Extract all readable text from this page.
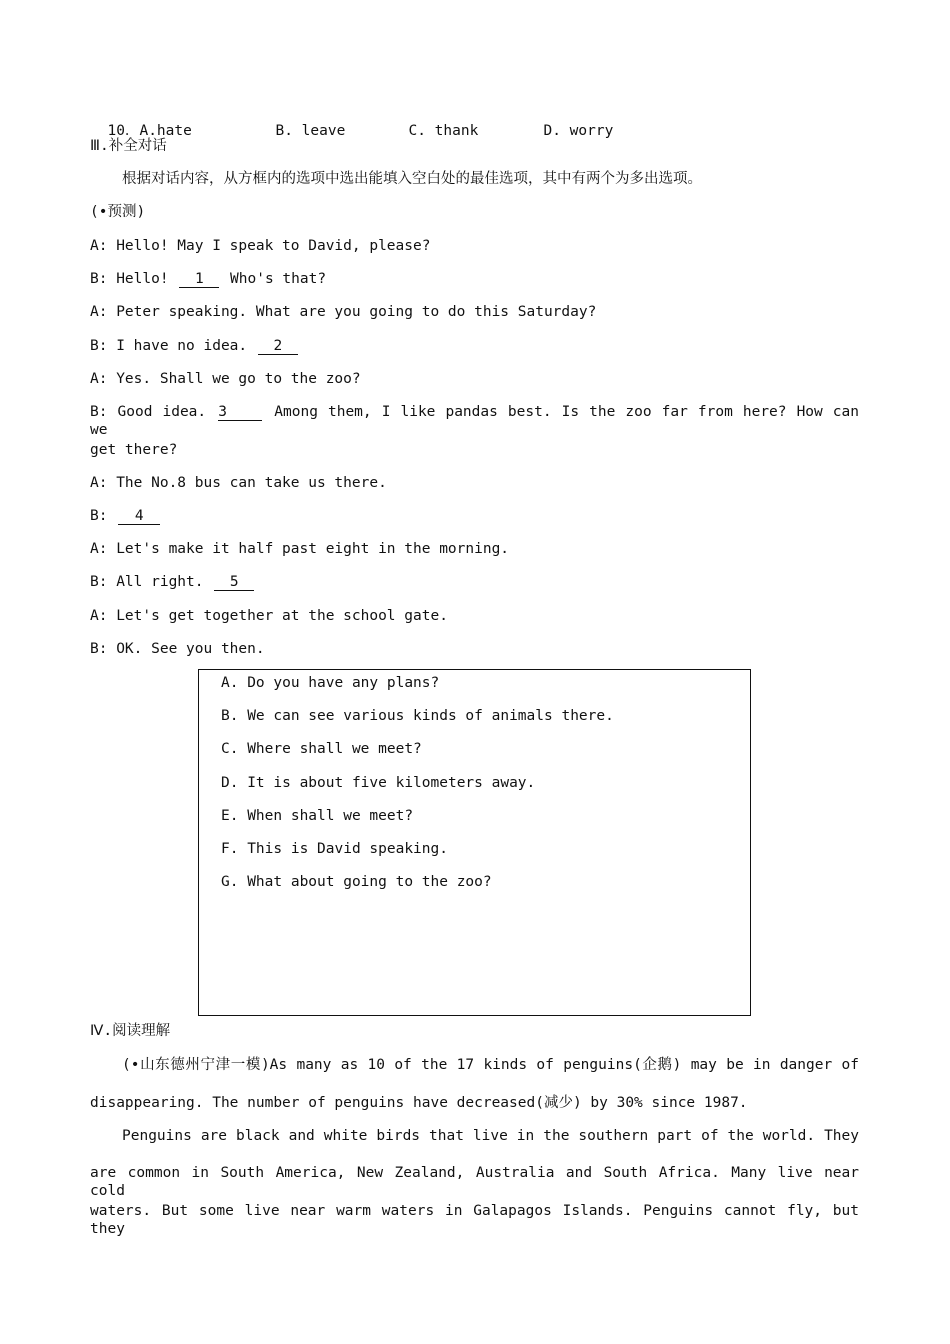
10．A.hate	B. leave	C. thank	D. worry

Ⅲ.补全对话
根据对话内容，从方框内的选项中选出能填入空白处的最佳选项，其中有两个为多出选项。
(•预测)
A: Hello! May I speak to David, please?
B: Hello! 1 Who's that?
A: Peter speaking. What are you going to do this Saturday?
B: I have no idea. 2
A: Yes. Shall we go to the zoo?
B: Good idea. 3	Among them, I like pandas best. Is the zoo far from here? How can we
get there?
A: The No.8 bus can take us there.
B: 4
A: Let's make it half past eight in the morning.
B: All right. 5
A: Let's get together at the school gate.
B: OK. See you then.
A. Do you have any plans?
B. We can see various kinds of animals there.
C. Where shall we meet?
D. It is about five kilometers away.
E. When shall we meet?
F. This is David speaking.
G. What about going to the zoo?
Ⅳ.阅读理解
(•山东德州宁津一模)As many as 10 of the 17 kinds of penguins(企鹅) may be in danger of
disappearing. The number of penguins have decreased(减少) by 30% since 1987.
Penguins are black and white birds that live in the southern part of the world. They
are common in South America, New Zealand, Australia and South Africa. Many live near cold
waters. But some live near warm waters in Galapagos Islands. Penguins cannot fly, but they
